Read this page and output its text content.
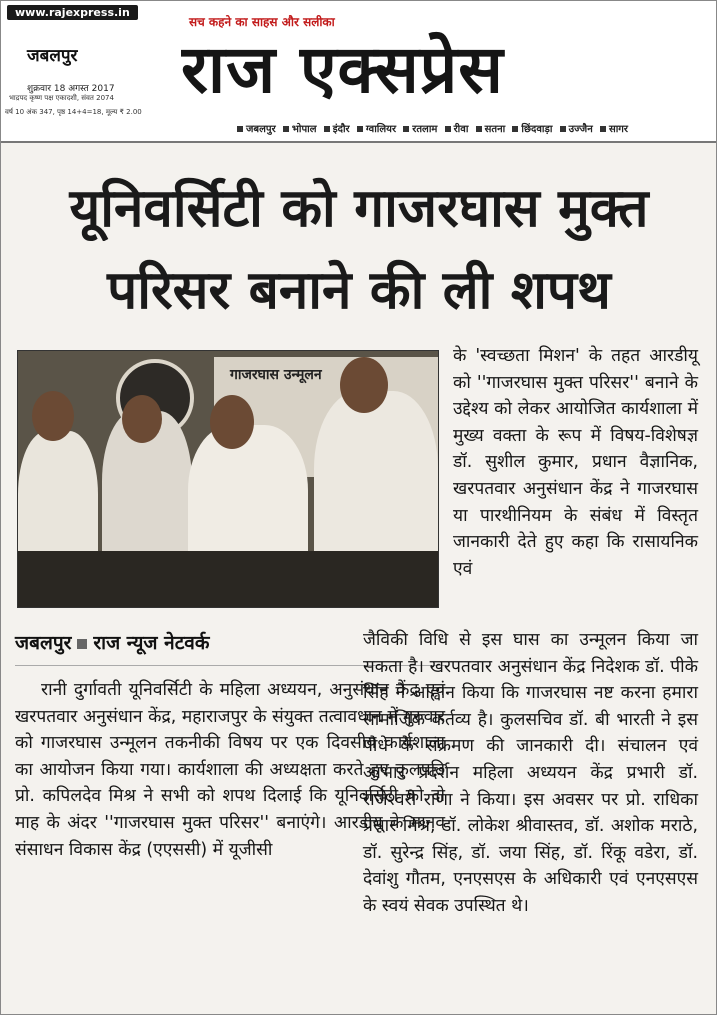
www.rajexpress.in
जबलपुर
शुक्रवार 18 अगस्त 2017
भाद्रपद कृष्ण पक्ष एकादशी, संवत 2074
वर्ष 10 अंक 347, पृष्ठ 14+4=18, मूल्य ₹ 2.00
सच कहने का साहस और सलीका
राज एक्सप्रेस
जबलपुर भोपाल इंदौर ग्वालियर रतलाम रीवा सतना छिंदवाड़ा उज्जैन सागर
यूनिवर्सिटी को गाजरघास मुक्त
परिसर बनाने की ली शपथ
गाजरघास उन्मूलन
जबलपुर राज न्यूज नेटवर्क
रानी दुर्गावती यूनिवर्सिटी के महिला अध्ययन, अनुसंधान केंद्र एवं खरपतवार अनुसंधान केंद्र, महाराजपुर के संयुक्त तत्वावधान में गुरुवार को गाजरघास उन्मूलन तकनीकी विषय पर एक दिवसीय कार्यशाला का आयोजन किया गया। कार्यशाला की अध्यक्षता करते हुए कुलपति प्रो. कपिलदेव मिश्र ने सभी को शपथ दिलाई कि यूनिवर्सिटी को दो माह के अंदर ''गाजरघास मुक्त परिसर'' बनाएंगे। आरडीयू के मानव संसाधन विकास केंद्र (एएससी) में यूजीसी
के 'स्वच्छता मिशन' के तहत आरडीयू को ''गाजरघास मुक्त परिसर'' बनाने के उद्देश्य को लेकर आयोजित कार्यशाला में मुख्य वक्ता के रूप में विषय-विशेषज्ञ डॉ. सुशील कुमार, प्रधान वैज्ञानिक, खरपतवार अनुसंधान केंद्र ने गाजरघास या पारथीनियम के संबंध में विस्तृत जानकारी देते हुए कहा कि रासायनिक एवं
जैविकी विधि से इस घास का उन्मूलन किया जा सकता है। खरपतवार अनुसंधान केंद्र निदेशक डॉ. पीके सिंह ने आह्वान किया कि गाजरघास नष्ट करना हमारा सामाजिक कर्तव्य है। कुलसचिव डॉ. बी भारती ने इस पौधे के संक्रमण की जानकारी दी। संचालन एवं आभार प्रदर्शन महिला अध्ययन केंद्र प्रभारी डॉ. राजेश्वरी राणा ने किया। इस अवसर पर प्रो. राधिका प्रसार मिश्र, डॉ. लोकेश श्रीवास्तव, डॉ. अशोक मराठे, डॉ. सुरेन्द्र सिंह, डॉ. जया सिंह, डॉ. रिंकू वडेरा, डॉ. देवांशु गौतम, एनएसएस के अधिकारी एवं एनएसएस के स्वयं सेवक उपस्थित थे।
